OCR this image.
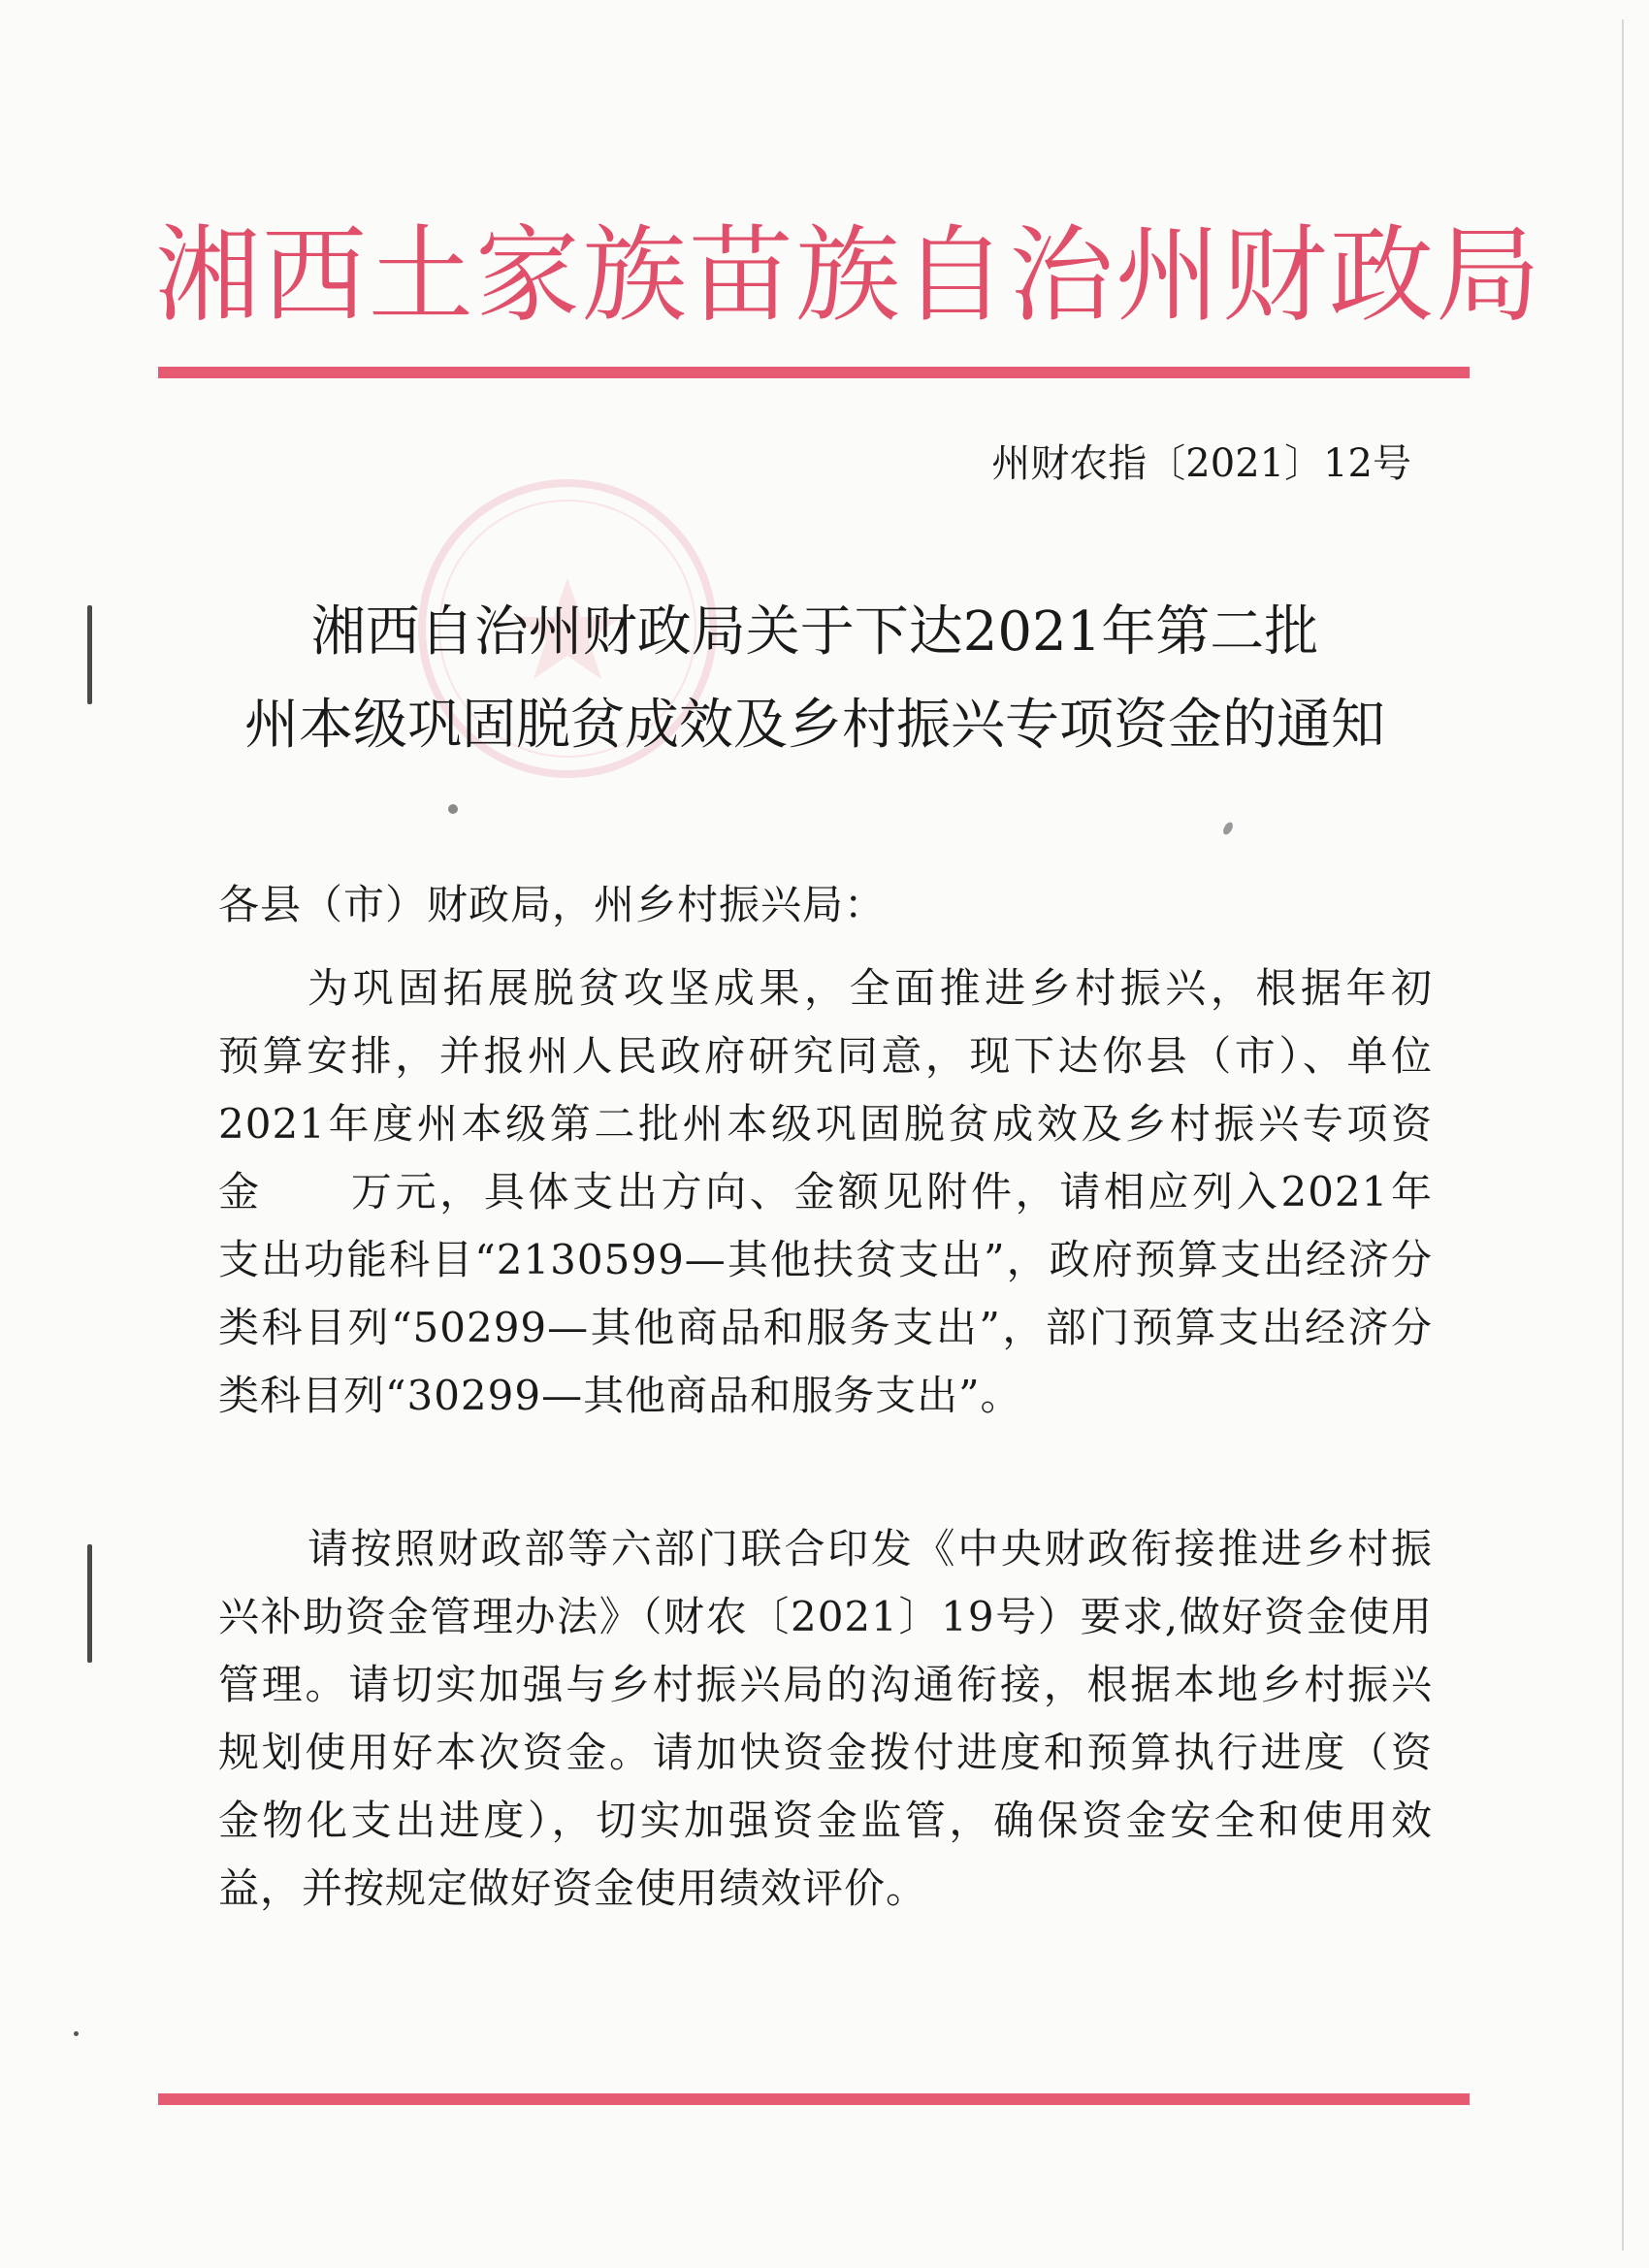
湘西土家族苗族自治州财政局
州财农指〔2021〕12号
湘西自治州财政局关于下达2021年第二批
州本级巩固脱贫成效及乡村振兴专项资金的通知
各县（市）财政局，州乡村振兴局：
为巩固拓展脱贫攻坚成果，全面推进乡村振兴，根据年初
预算安排，并报州人民政府研究同意，现下达你县（市）、单位
2021年度州本级第二批州本级巩固脱贫成效及乡村振兴专项资
金　　万元，具体支出方向、金额见附件，请相应列入2021年
支出功能科目“2130599—其他扶贫支出”，政府预算支出经济分
类科目列“50299—其他商品和服务支出”，部门预算支出经济分
类科目列“30299—其他商品和服务支出”。
请按照财政部等六部门联合印发《中央财政衔接推进乡村振
兴补助资金管理办法》（财农〔2021〕19号）要求,做好资金使用
管理。请切实加强与乡村振兴局的沟通衔接，根据本地乡村振兴
规划使用好本次资金。请加快资金拨付进度和预算执行进度（资
金物化支出进度），切实加强资金监管，确保资金安全和使用效
益，并按规定做好资金使用绩效评价。
